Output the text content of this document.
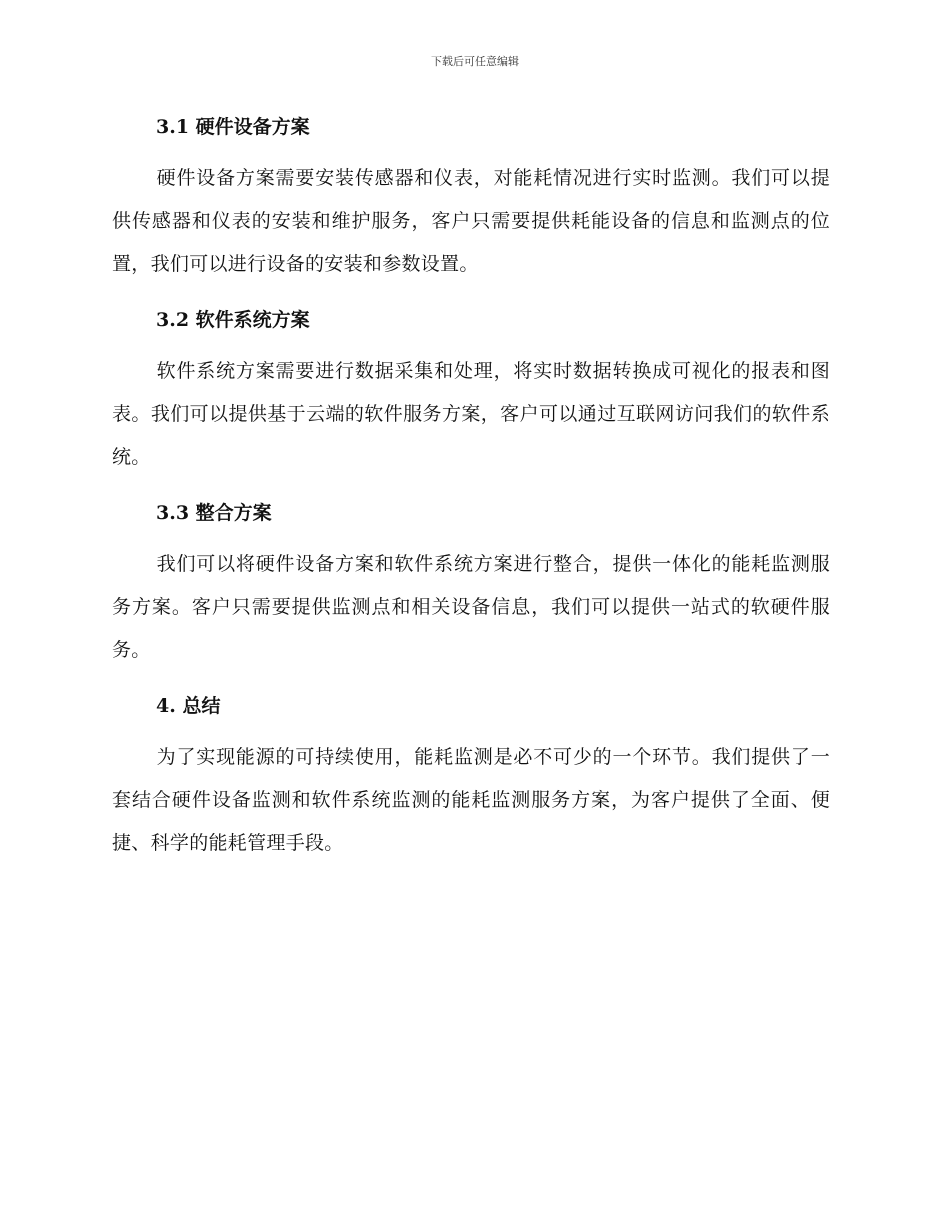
下载后可任意编辑
3.1 硬件设备方案

硬件设备方案需要安装传感器和仪表，对能耗情况进行实时监测。我们可以提供传感器和仪表的安装和维护服务，客户只需要提供耗能设备的信息和监测点的位置，我们可以进行设备的安装和参数设置。

3.2 软件系统方案

软件系统方案需要进行数据采集和处理，将实时数据转换成可视化的报表和图表。我们可以提供基于云端的软件服务方案，客户可以通过互联网访问我们的软件系统。

3.3 整合方案

我们可以将硬件设备方案和软件系统方案进行整合，提供一体化的能耗监测服务方案。客户只需要提供监测点和相关设备信息，我们可以提供一站式的软硬件服务。

4. 总结

为了实现能源的可持续使用，能耗监测是必不可少的一个环节。我们提供了一套结合硬件设备监测和软件系统监测的能耗监测服务方案，为客户提供了全面、便捷、科学的能耗管理手段。
